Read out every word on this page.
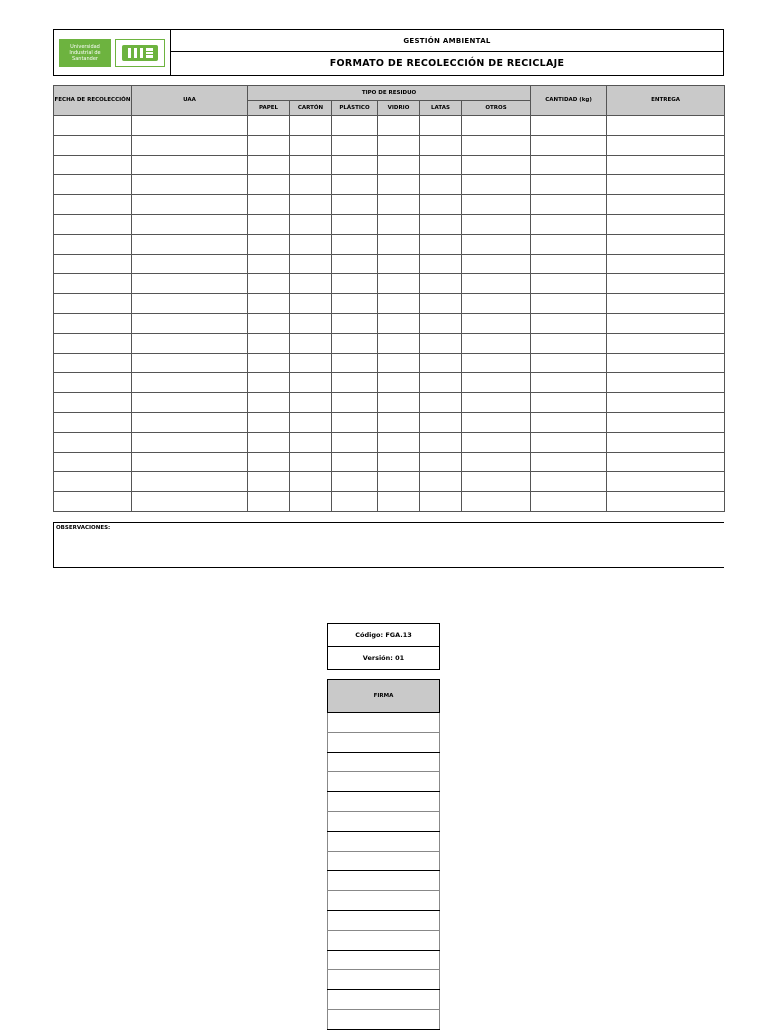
Universidad Industrial de Santander
GESTIÓN AMBIENTAL
FORMATO DE RECOLECCIÓN DE RECICLAJE
FECHA DE RECOLECCIÓN	UAA	TIPO DE RESIDUO						CANTIDAD (kg)	ENTREGA
		PAPEL	CARTÓN	PLÁSTICO	VIDRIO	LATAS	OTROS		

OBSERVACIONES:
Código: FGA.13
Versión: 01
FIRMA
